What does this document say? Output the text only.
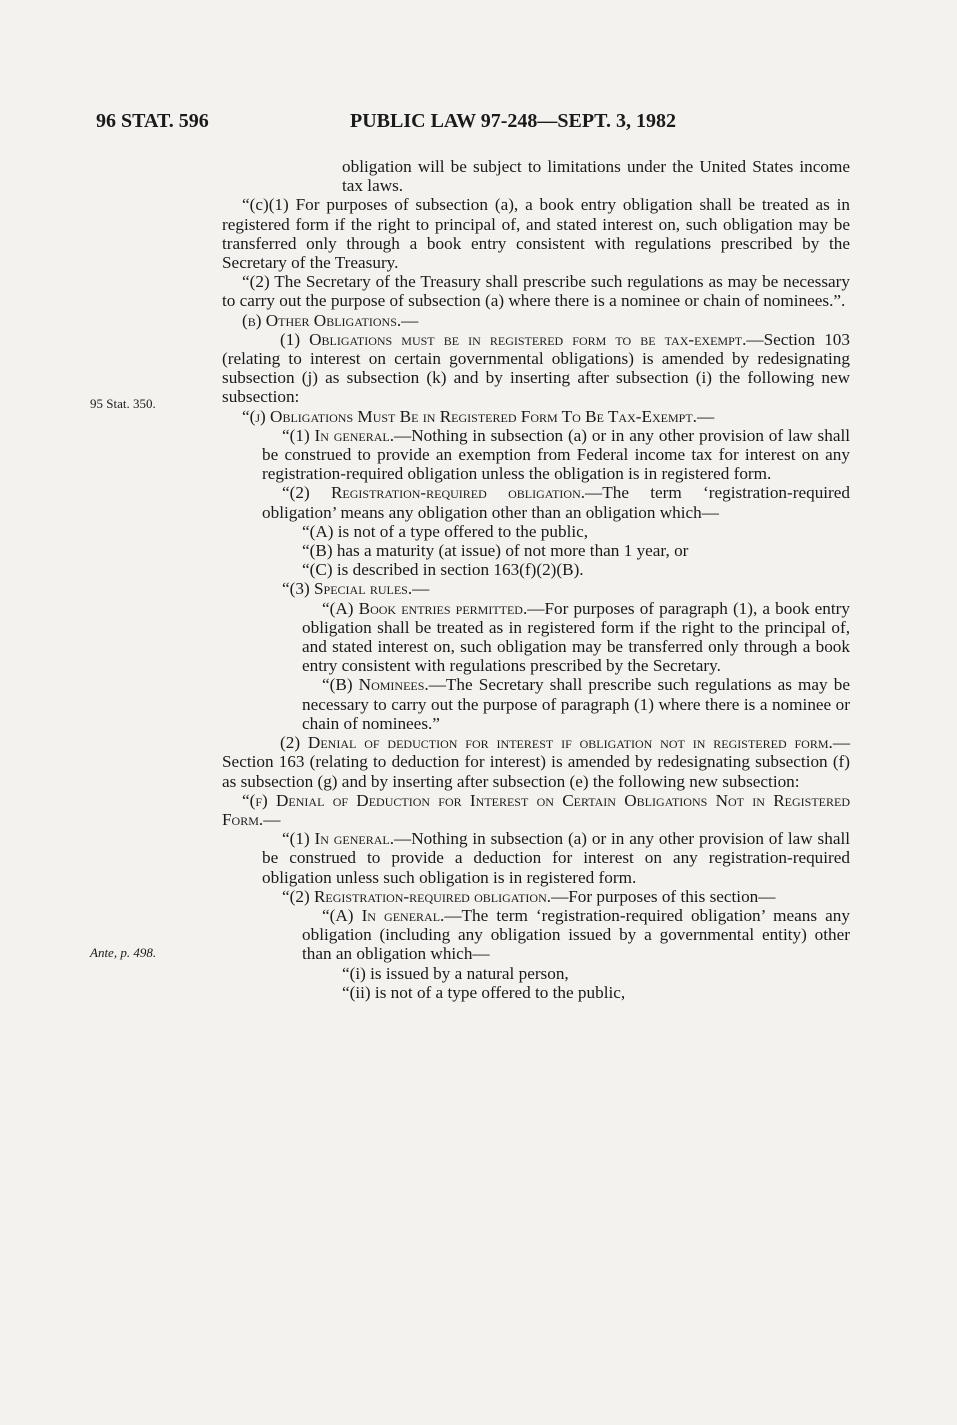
96 STAT. 596	PUBLIC LAW 97-248—SEPT. 3, 1982
95 Stat. 350.
Ante, p. 498.

obligation will be subject to limitations under the United States income tax laws.

“(c)(1) For purposes of subsection (a), a book entry obligation shall be treated as in registered form if the right to principal of, and stated interest on, such obligation may be transferred only through a book entry consistent with regulations prescribed by the Secretary of the Treasury.

“(2) The Secretary of the Treasury shall prescribe such regulations as may be necessary to carry out the purpose of subsection (a) where there is a nominee or chain of nominees.”.

(b) Other Obligations.—

(1) Obligations must be in registered form to be tax-exempt.—Section 103 (relating to interest on certain governmental obligations) is amended by redesignating subsection (j) as subsection (k) and by inserting after subsection (i) the following new subsection:

“(j) Obligations Must Be in Registered Form To Be Tax-Exempt.—

“(1) In general.—Nothing in subsection (a) or in any other provision of law shall be construed to provide an exemption from Federal income tax for interest on any registration-required obligation unless the obligation is in registered form.

“(2) Registration-required obligation.—The term ‘registration-required obligation’ means any obligation other than an obligation which—

“(A) is not of a type offered to the public,

“(B) has a maturity (at issue) of not more than 1 year, or

“(C) is described in section 163(f)(2)(B).

“(3) Special rules.—

“(A) Book entries permitted.—For purposes of paragraph (1), a book entry obligation shall be treated as in registered form if the right to the principal of, and stated interest on, such obligation may be transferred only through a book entry consistent with regulations prescribed by the Secretary.

“(B) Nominees.—The Secretary shall prescribe such regulations as may be necessary to carry out the purpose of paragraph (1) where there is a nominee or chain of nominees.”

(2) Denial of deduction for interest if obligation not in registered form.—Section 163 (relating to deduction for interest) is amended by redesignating subsection (f) as subsection (g) and by inserting after subsection (e) the following new subsection:

“(f) Denial of Deduction for Interest on Certain Obligations Not in Registered Form.—

“(1) In general.—Nothing in subsection (a) or in any other provision of law shall be construed to provide a deduction for interest on any registration-required obligation unless such obligation is in registered form.

“(2) Registration-required obligation.—For purposes of this section—

“(A) In general.—The term ‘registration-required obligation’ means any obligation (including any obligation issued by a governmental entity) other than an obligation which—

“(i) is issued by a natural person,

“(ii) is not of a type offered to the public,
